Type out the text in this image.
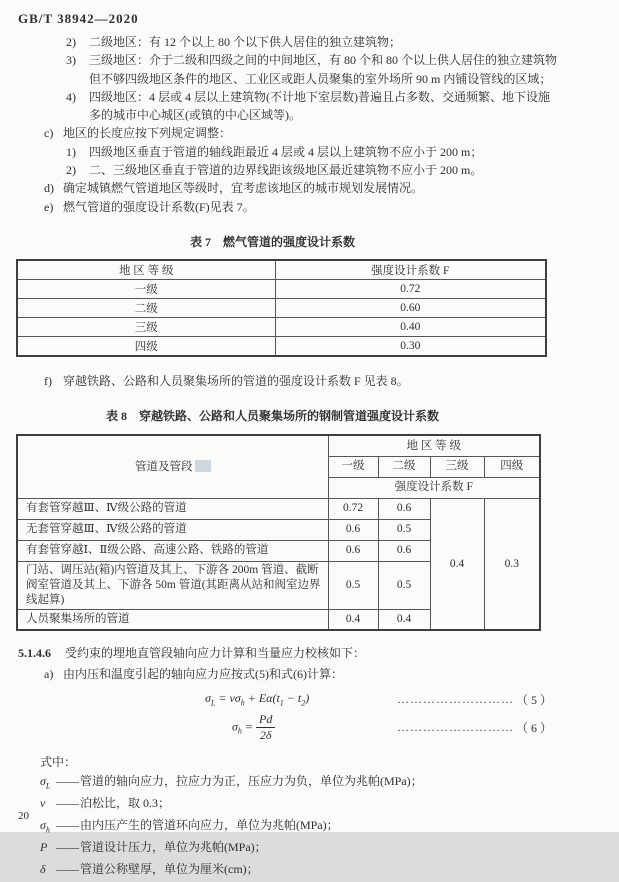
GB/T 38942—2020
2)	二级地区：有 12 个以上 80 个以下供人居住的独立建筑物；
3)	三级地区：介于二级和四级之间的中间地区，有 80 个和 80 个以上供人居住的独立建筑物但不够四级地区条件的地区、工业区或距人员聚集的室外场所 90 m 内铺设管线的区域；
4)	四级地区：4 层或 4 层以上建筑物(不计地下室层数)普遍且占多数、交通频繁、地下设施多的城市中心城区(或镇的中心区域等)。
c) 地区的长度应按下列规定调整：
1)	四级地区垂直于管道的轴线距最近 4 层或 4 层以上建筑物不应小于 200 m；
2)	二、三级地区垂直于管道的边界线距该级地区最近建筑物不应小于 200 m。
d) 确定城镇燃气管道地区等级时，宜考虑该地区的城市规划发展情况。
e) 燃气管道的强度设计系数(F)见表 7。
表 7　燃气管道的强度设计系数
地 区 等 级	强度设计系数 F
一级	0.72
二级	0.60
三级	0.40
四级	0.30
f) 穿越铁路、公路和人员聚集场所的管道的强度设计系数 F 见表 8。
表 8　穿越铁路、公路和人员聚集场所的钢制管道强度设计系数
管道及管段	地 区 等 级			
	一级	二级	三级	四级
	强度设计系数 F			
有套管穿越Ⅲ、Ⅳ级公路的管道	0.72	0.6	0.4	0.3
无套管穿越Ⅲ、Ⅳ级公路的管道	0.6	0.5		
有套管穿越Ⅰ、Ⅱ级公路、高速公路、铁路的管道	0.6	0.6		
门站、调压站(箱)内管道及其上、下游各 200m 管道、截断阀室管道及其上、下游各 50m 管道(其距离从站和阀室边界线起算)	0.5	0.5		
人员聚集场所的管道	0.4	0.4		
5.1.4.6 受约束的埋地直管段轴向应力计算和当量应力校核如下：
a) 由内压和温度引起的轴向应力应按式(5)和式(6)计算：
$\sigma_L = \nu\sigma_h + E\alpha(t_1 - t_2)$	……………………… （ 5 ）
$\sigma_h = \frac{Pd}{2\delta}$	……………………… （ 6 ）
式中：
$\sigma_L$ —— 管道的轴向应力，拉应力为正，压应力为负，单位为兆帕(MPa)；
ν —— 泊松比，取 0.3；
$\sigma_h$ —— 由内压产生的管道环向应力，单位为兆帕(MPa)；
P —— 管道设计压力，单位为兆帕(MPa)；
δ —— 管道公称壁厚，单位为厘米(cm)；
20
